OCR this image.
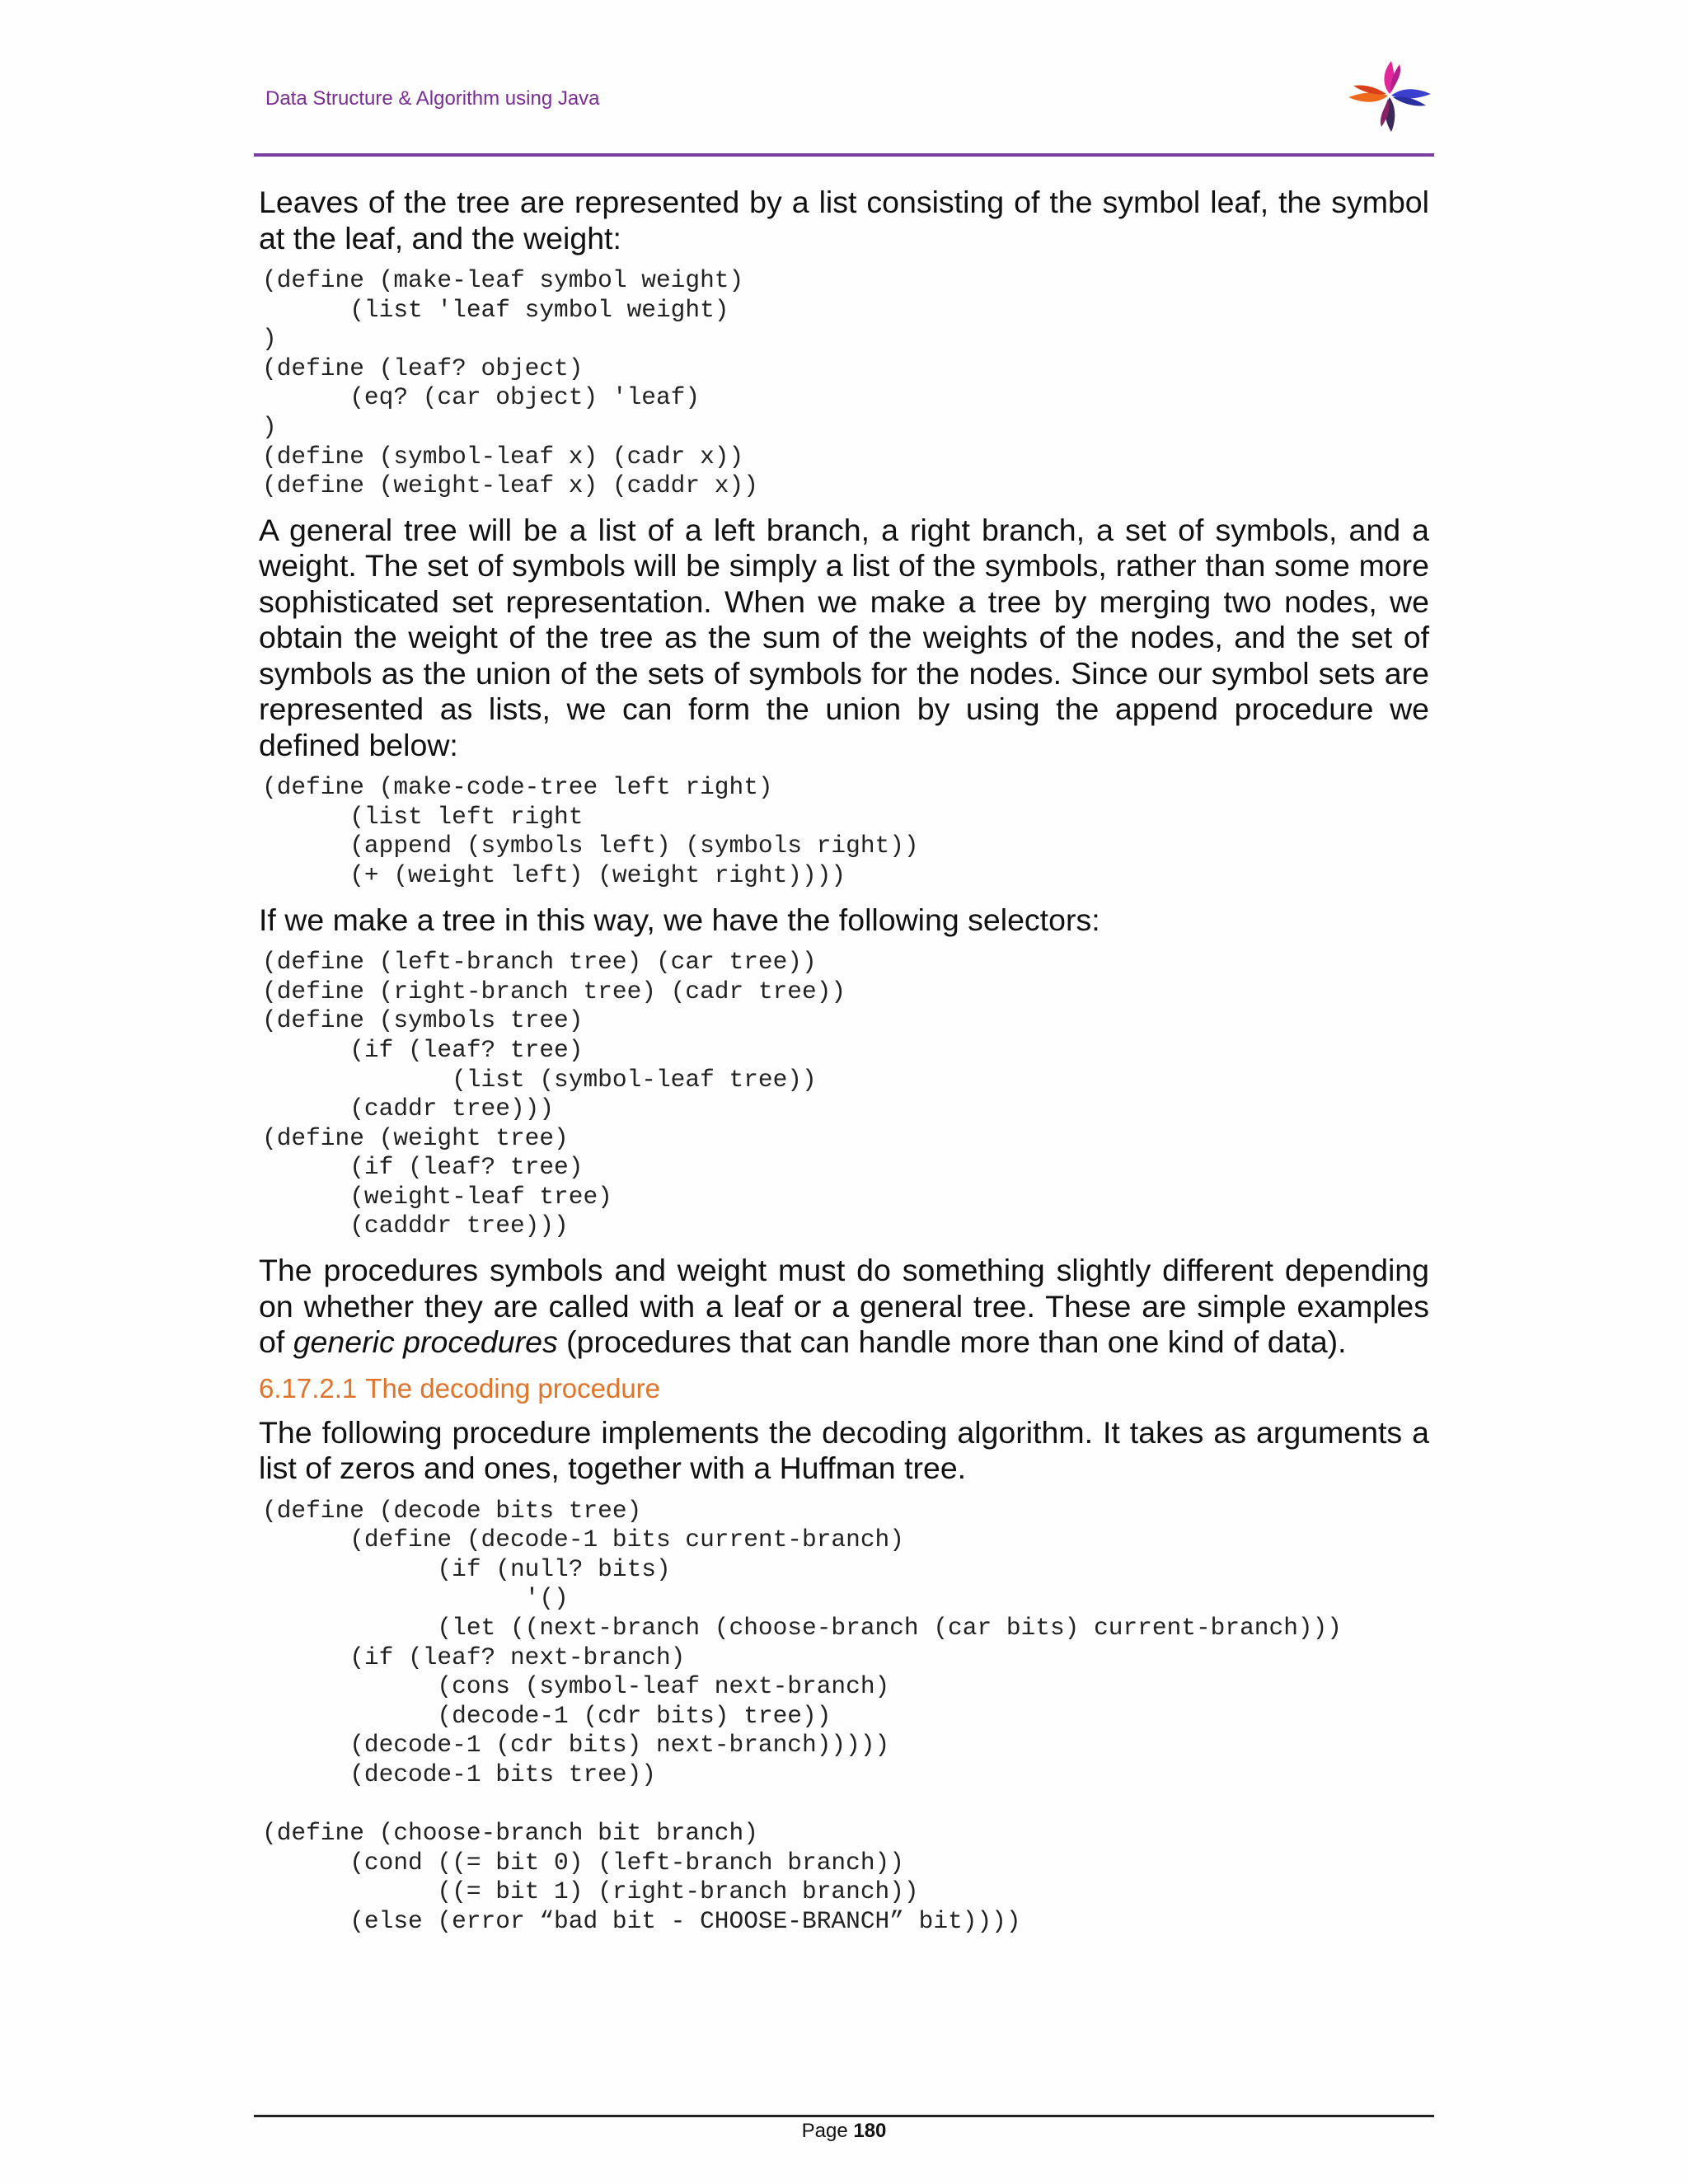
Data Structure & Algorithm using Java

Leaves of the tree are represented by a list consisting of the symbol leaf, the symbol at the leaf, and the weight:

(define (make-leaf symbol weight)
(list 'leaf symbol weight)
)
(define (leaf? object)
(eq? (car object) 'leaf)
)
(define (symbol-leaf x) (cadr x))
(define (weight-leaf x) (caddr x))

A general tree will be a list of a left branch, a right branch, a set of symbols, and a weight. The set of symbols will be simply a list of the symbols, rather than some more sophisticated set representation. When we make a tree by merging two nodes, we obtain the weight of the tree as the sum of the weights of the nodes, and the set of symbols as the union of the sets of symbols for the nodes. Since our symbol sets are represented as lists, we can form the union by using the append procedure we defined below:

(define (make-code-tree left right)
(list left right
(append (symbols left) (symbols right))
(+ (weight left) (weight right))))

If we make a tree in this way, we have the following selectors:

(define (left-branch tree) (car tree))
(define (right-branch tree) (cadr tree))
(define (symbols tree)
(if (leaf? tree)
(list (symbol-leaf tree))
(caddr tree)))
(define (weight tree)
(if (leaf? tree)
(weight-leaf tree)
(cadddr tree)))

The procedures symbols and weight must do something slightly different depending on whether they are called with a leaf or a general tree. These are simple examples of generic procedures (procedures that can handle more than one kind of data).

6.17.2.1 The decoding procedure

The following procedure implements the decoding algorithm. It takes as arguments a list of zeros and ones, together with a Huffman tree.

(define (decode bits tree)
(define (decode-1 bits current-branch)
(if (null? bits)
'()
(let ((next-branch (choose-branch (car bits) current-branch)))
(if (leaf? next-branch)
(cons (symbol-leaf next-branch)
(decode-1 (cdr bits) tree))
(decode-1 (cdr bits) next-branch)))))
(decode-1 bits tree))

(define (choose-branch bit branch)
(cond ((= bit 0) (left-branch branch))
((= bit 1) (right-branch branch))
(else (error “bad bit - CHOOSE-BRANCH” bit))))
Page 180
